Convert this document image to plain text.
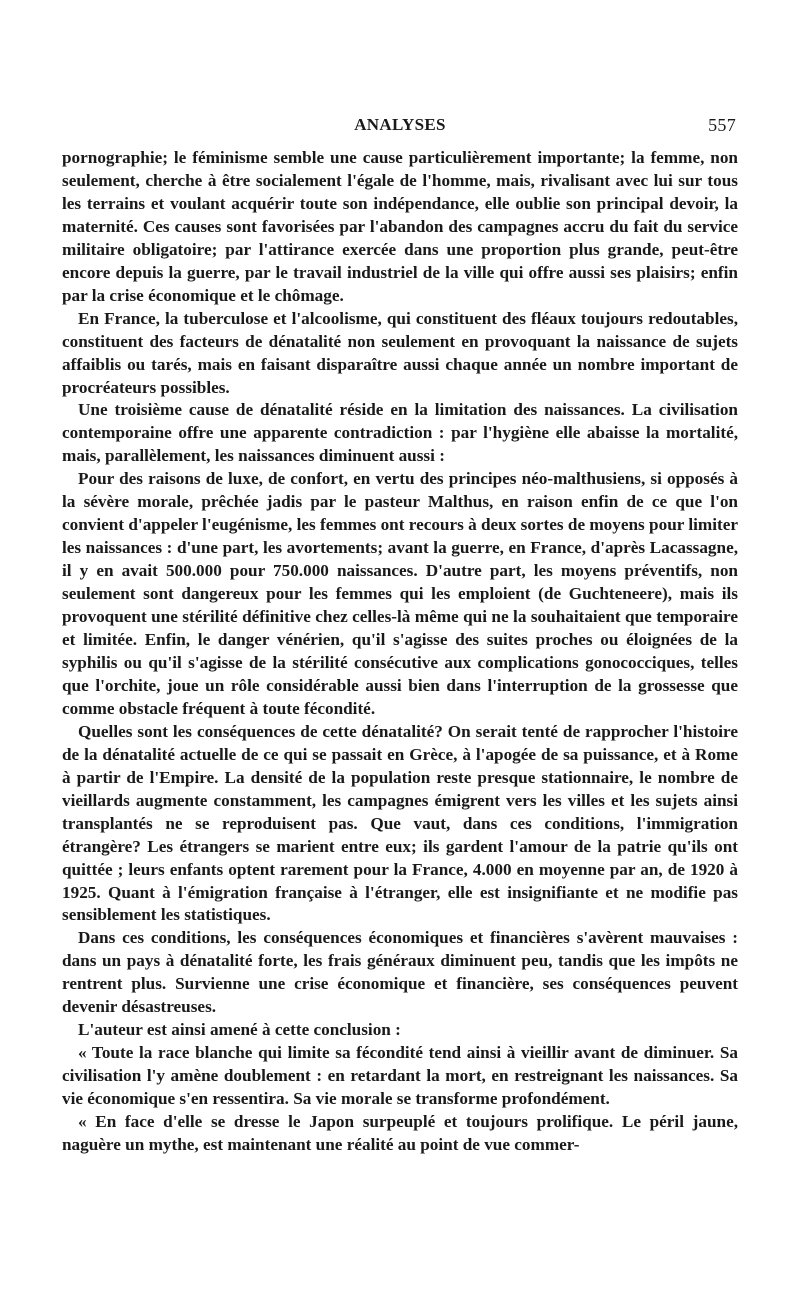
ANALYSES	557

pornographie; le féminisme semble une cause particulièrement importante; la femme, non seulement, cherche à être socialement l'égale de l'homme, mais, rivalisant avec lui sur tous les terrains et voulant acquérir toute son indépendance, elle oublie son principal devoir, la maternité. Ces causes sont favorisées par l'abandon des campagnes accru du fait du service militaire obligatoire; par l'attirance exercée dans une proportion plus grande, peut-être encore depuis la guerre, par le travail industriel de la ville qui offre aussi ses plaisirs; enfin par la crise économique et le chômage.

En France, la tuberculose et l'alcoolisme, qui constituent des fléaux toujours redoutables, constituent des facteurs de dénatalité non seulement en provoquant la naissance de sujets affaiblis ou tarés, mais en faisant disparaître aussi chaque année un nombre important de procréateurs possibles.

Une troisième cause de dénatalité réside en la limitation des naissances. La civilisation contemporaine offre une apparente contradiction : par l'hygiène elle abaisse la mortalité, mais, parallèlement, les naissances diminuent aussi :

Pour des raisons de luxe, de confort, en vertu des principes néo-malthusiens, si opposés à la sévère morale, prêchée jadis par le pasteur Malthus, en raison enfin de ce que l'on convient d'appeler l'eugénisme, les femmes ont recours à deux sortes de moyens pour limiter les naissances : d'une part, les avortements; avant la guerre, en France, d'après Lacassagne, il y en avait 500.000 pour 750.000 naissances. D'autre part, les moyens préventifs, non seulement sont dangereux pour les femmes qui les emploient (de Guchteneere), mais ils provoquent une stérilité définitive chez celles-là même qui ne la souhaitaient que temporaire et limitée. Enfin, le danger vénérien, qu'il s'agisse des suites proches ou éloignées de la syphilis ou qu'il s'agisse de la stérilité consécutive aux complications gonococciques, telles que l'orchite, joue un rôle considérable aussi bien dans l'interruption de la grossesse que comme obstacle fréquent à toute fécondité.

Quelles sont les conséquences de cette dénatalité? On serait tenté de rapprocher l'histoire de la dénatalité actuelle de ce qui se passait en Grèce, à l'apogée de sa puissance, et à Rome à partir de l'Empire. La densité de la population reste presque stationnaire, le nombre de vieillards augmente constamment, les campagnes émigrent vers les villes et les sujets ainsi transplantés ne se reproduisent pas. Que vaut, dans ces conditions, l'immigration étrangère? Les étrangers se marient entre eux; ils gardent l'amour de la patrie qu'ils ont quittée ; leurs enfants optent rarement pour la France, 4.000 en moyenne par an, de 1920 à 1925. Quant à l'émigration française à l'étranger, elle est insignifiante et ne modifie pas sensiblement les statistiques.

Dans ces conditions, les conséquences économiques et financières s'avèrent mauvaises : dans un pays à dénatalité forte, les frais généraux diminuent peu, tandis que les impôts ne rentrent plus. Survienne une crise économique et financière, ses conséquences peuvent devenir désastreuses.

L'auteur est ainsi amené à cette conclusion :

« Toute la race blanche qui limite sa fécondité tend ainsi à vieillir avant de diminuer. Sa civilisation l'y amène doublement : en retardant la mort, en restreignant les naissances. Sa vie économique s'en ressentira. Sa vie morale se transforme profondément.

« En face d'elle se dresse le Japon surpeuplé et toujours prolifique. Le péril jaune, naguère un mythe, est maintenant une réalité au point de vue commer-
